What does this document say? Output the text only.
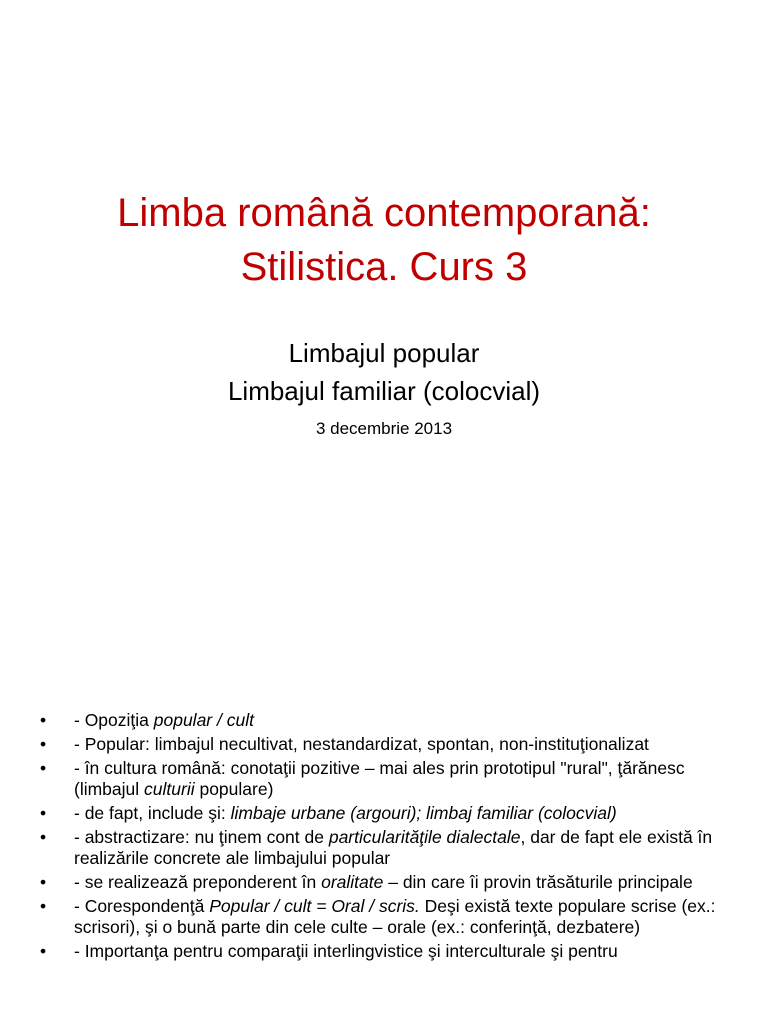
Limba română contemporană:
Stilistica. Curs 3
Limbajul popular
Limbajul familiar (colocvial)
3 decembrie 2013
• - Opoziţia popular / cult
• - Popular: limbajul necultivat, nestandardizat, spontan, non-instituţionalizat
• - în cultura română: conotaţii pozitive – mai ales prin prototipul "rural", ţărănesc (limbajul culturii populare)
• - de fapt, include şi: limbaje urbane (argouri); limbaj familiar (colocvial)
• - abstractizare: nu ţinem cont de particularităţile dialectale, dar de fapt ele există în realizările concrete ale limbajului popular
• - se realizează preponderent în oralitate – din care îi provin trăsăturile principale
• - Corespondenţă Popular / cult = Oral / scris. Deşi există texte populare scrise (ex.: scrisori), şi o bună parte din cele culte – orale (ex.: conferinţă, dezbatere)
• - Importanţa pentru comparaţii interlingvistice şi interculturale şi pentru
